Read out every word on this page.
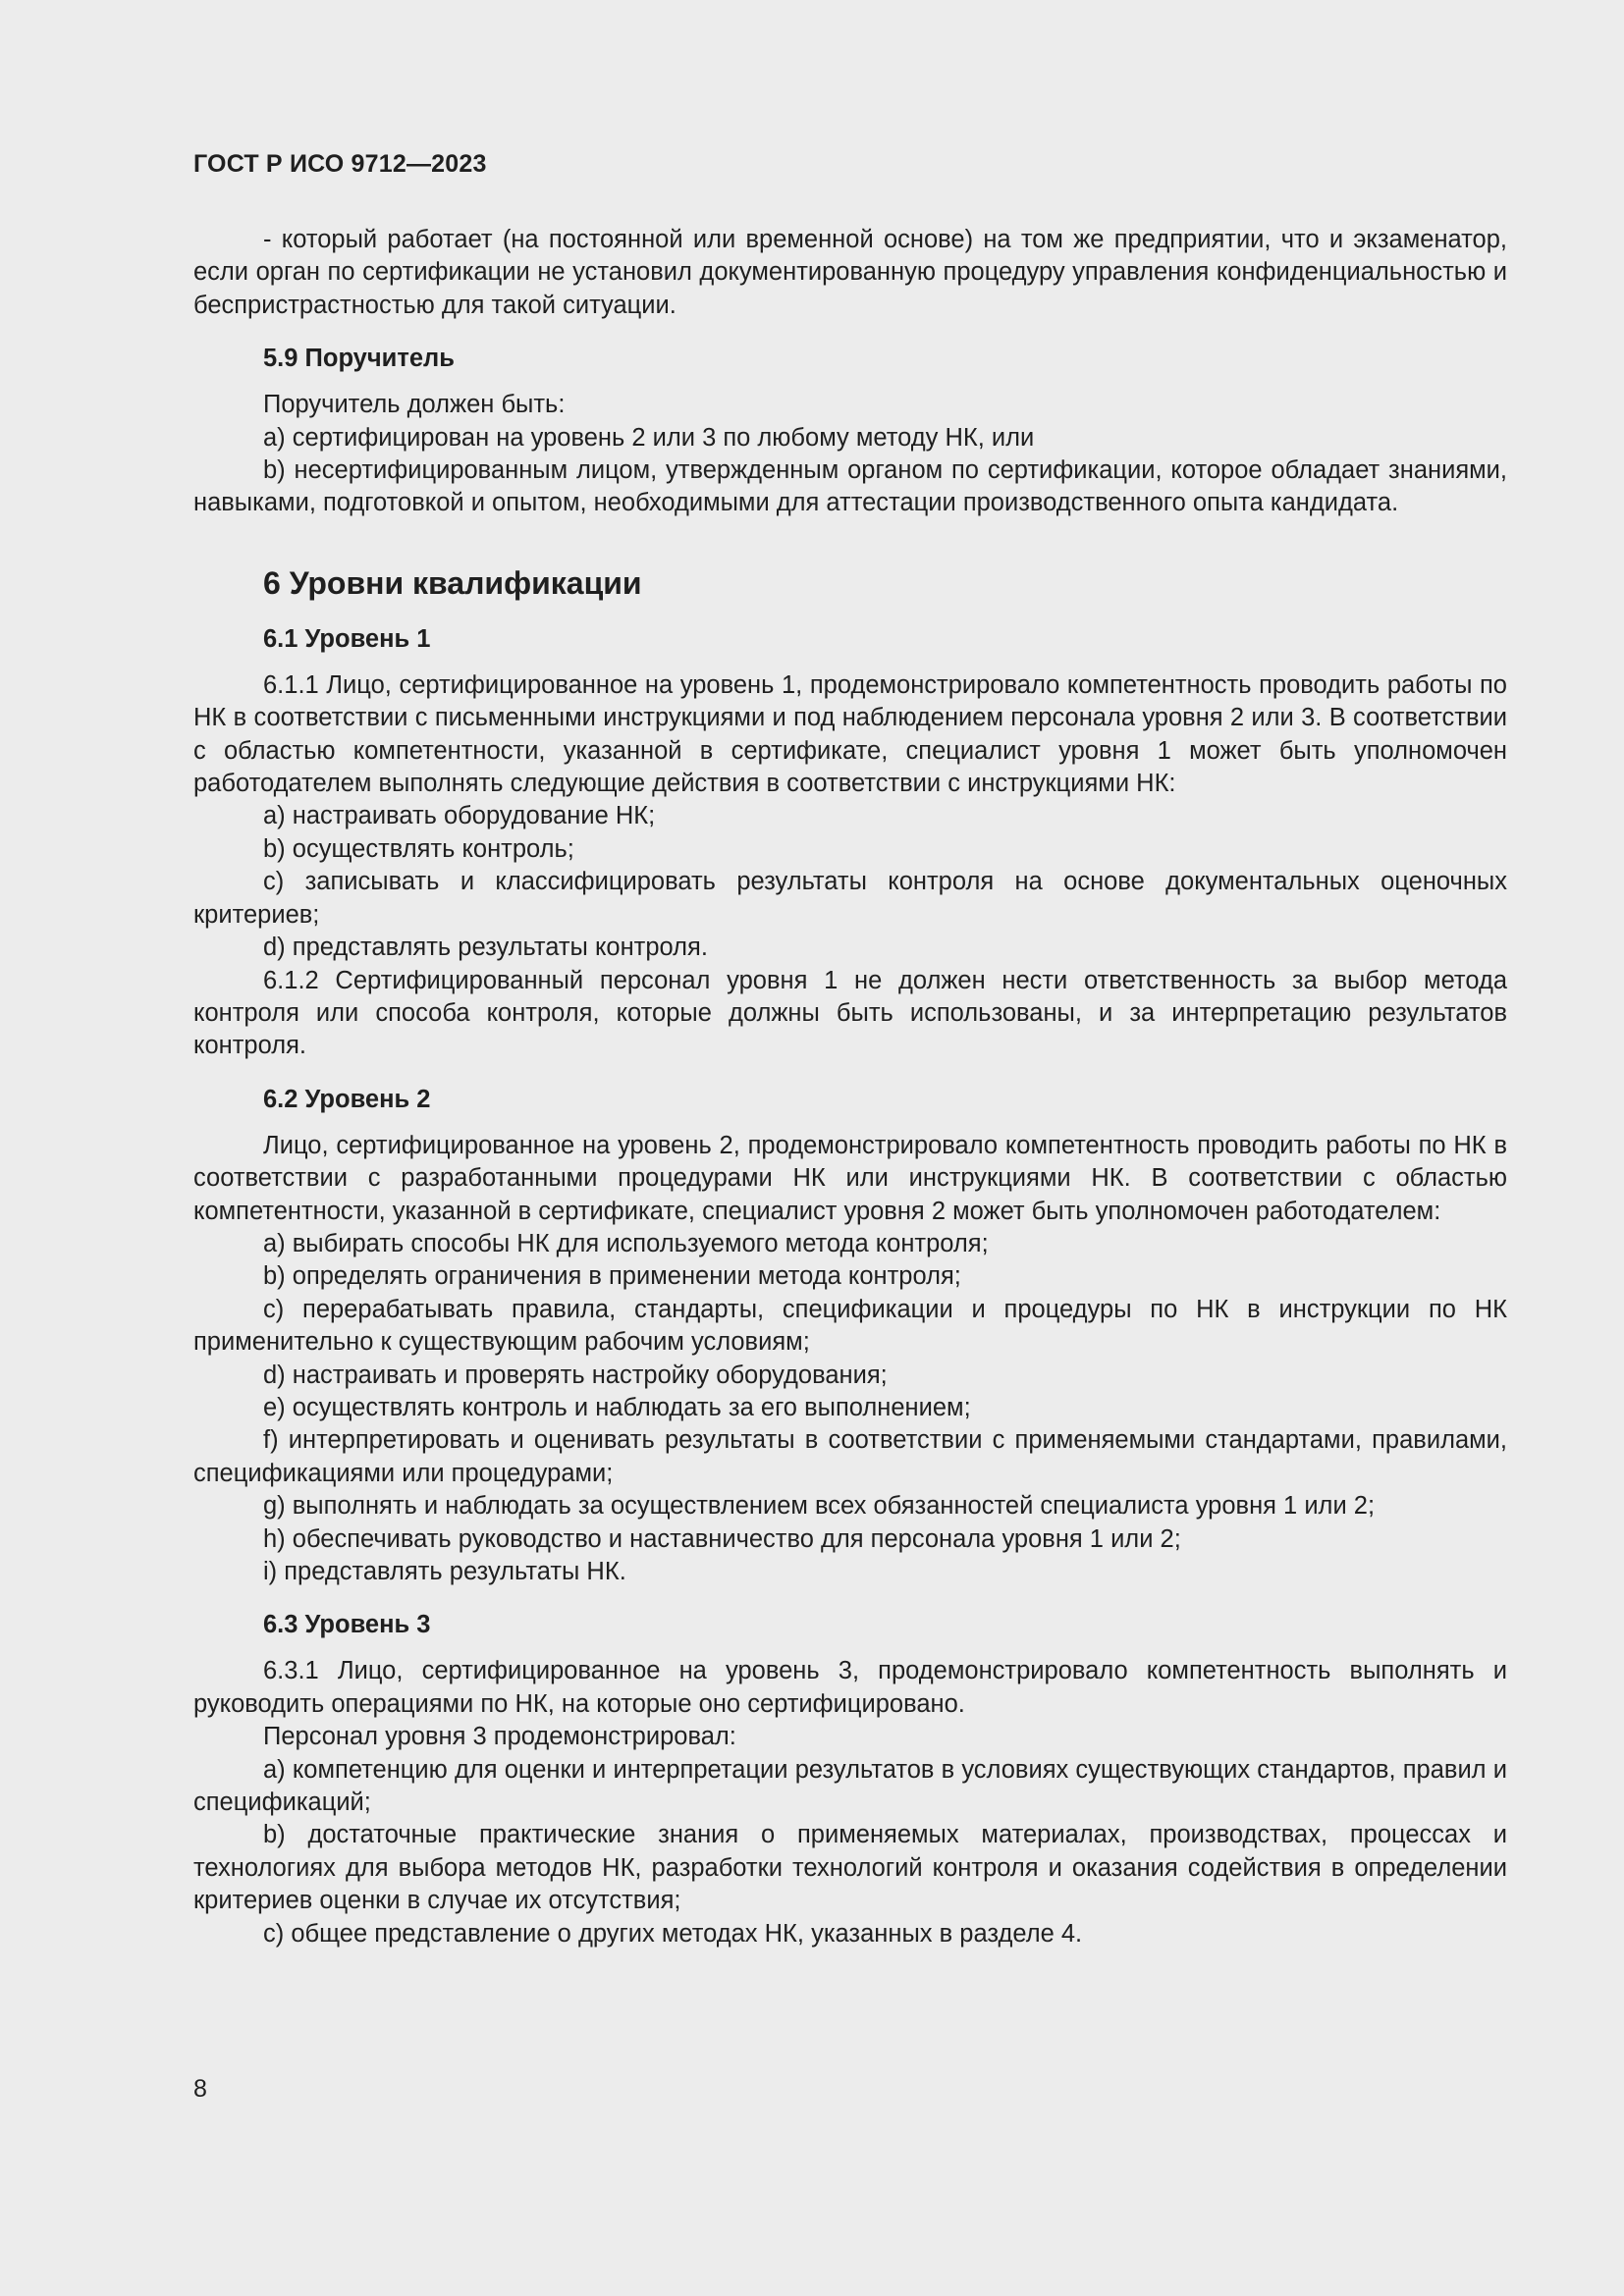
ГОСТ Р ИСО 9712—2023

- который работает (на постоянной или временной основе) на том же предприятии, что и экзаменатор, если орган по сертификации не установил документированную процедуру управления конфиденциальностью и беспристрастностью для такой ситуации.

5.9 Поручитель

Поручитель должен быть:

a) сертифицирован на уровень 2 или 3 по любому методу НК, или

b) несертифицированным лицом, утвержденным органом по сертификации, которое обладает знаниями, навыками, подготовкой и опытом, необходимыми для аттестации производственного опыта кандидата.

6 Уровни квалификации
6.1 Уровень 1

6.1.1 Лицо, сертифицированное на уровень 1, продемонстрировало компетентность проводить работы по НК в соответствии с письменными инструкциями и под наблюдением персонала уровня 2 или 3. В соответствии с областью компетентности, указанной в сертификате, специалист уровня 1 может быть уполномочен работодателем выполнять следующие действия в соответствии с инструкциями НК:

a) настраивать оборудование НК;

b) осуществлять контроль;

c) записывать и классифицировать результаты контроля на основе документальных оценочных критериев;

d) представлять результаты контроля.

6.1.2 Сертифицированный персонал уровня 1 не должен нести ответственность за выбор метода контроля или способа контроля, которые должны быть использованы, и за интерпретацию результатов контроля.

6.2 Уровень 2

Лицо, сертифицированное на уровень 2, продемонстрировало компетентность проводить работы по НК в соответствии с разработанными процедурами НК или инструкциями НК. В соответствии с областью компетентности, указанной в сертификате, специалист уровня 2 может быть уполномочен работодателем:

a) выбирать способы НК для используемого метода контроля;

b) определять ограничения в применении метода контроля;

c) перерабатывать правила, стандарты, спецификации и процедуры по НК в инструкции по НК применительно к существующим рабочим условиям;

d) настраивать и проверять настройку оборудования;

e) осуществлять контроль и наблюдать за его выполнением;

f) интерпретировать и оценивать результаты в соответствии с применяемыми стандартами, правилами, спецификациями или процедурами;

g) выполнять и наблюдать за осуществлением всех обязанностей специалиста уровня 1 или 2;

h) обеспечивать руководство и наставничество для персонала уровня 1 или 2;

i) представлять результаты НК.

6.3 Уровень 3

6.3.1 Лицо, сертифицированное на уровень 3, продемонстрировало компетентность выполнять и руководить операциями по НК, на которые оно сертифицировано.

Персонал уровня 3 продемонстрировал:

a) компетенцию для оценки и интерпретации результатов в условиях существующих стандартов, правил и спецификаций;

b) достаточные практические знания о применяемых материалах, производствах, процессах и технологиях для выбора методов НК, разработки технологий контроля и оказания содействия в определении критериев оценки в случае их отсутствия;

c) общее представление о других методах НК, указанных в разделе 4.

8
